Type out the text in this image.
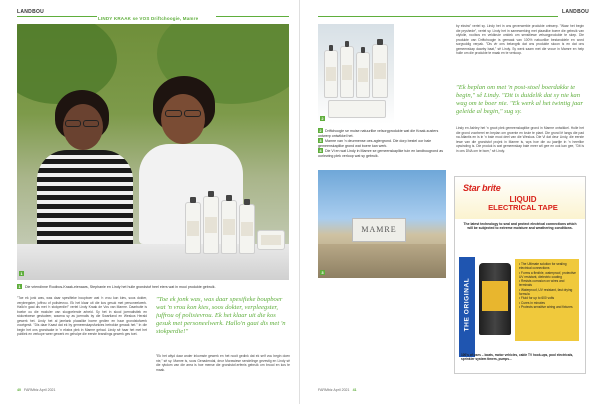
LANDBOU
LINDY KRAAK se VOS Driftchoogie, Mamre
1
1 Die vriendinne Rooibos-Kraak-eienaars, Stephanie en Lindy het hulle grondstof heel eiers wat in mooi produkte gebruik.
"Toe ek jonk was, was daar spesifieke boupboer wat 'n vrou kon kies, soos dokter, verpleegster, juffrou of polisievrou. Ek het klaar uit die kos gesuk met personeelwerk. Hallo'n gaai dis met 'n stokperdie!" vertel Lindy Kraak de Vos van Mamre. Daarbuite is boeke ou die moduler van skoppelende arbeid. Sy het in skool joernalistiek en stokvelwese gestudeer, waarna sy as joernalis by die Swartland en Weskus Herald gewerk het. Lindy het al jarelank plaaslike boere gedien en haar grondstofwerk voortgesit. "Dis daar Kaast dat ek by gemeenskapsfunkies betrokke geraak het." In die begin het ons grondsake in 'n ekstra plek in Mamre gehad. Lindy sê haar het met het publiek en verkope weer gewerk en geholpe die eerste brandings gewerk ges toet.
"Toe ek jonk was, was daar spesifieke boupboer wat 'n vrou kon kies, soos dokter, verpleegster, juffrou of polisievrou. Ek het klaar uit die kos gesuk met personeelwerk. Hallo'n gaai dis met 'n stokperdie!"
"Ek het altyd daar ander inkomste gewerk en het nooit gedink dat ek self vou begin doen nie," sê sy. Mamre is, soos Genadendal, deur Morawiese sendelinge gevestig en Lindy sê die rykdom van die area is hoe mense die grondstof-erfenis gebruik om brood en kos te maak.
40 FARMbiz April 2021
LANDBOU
2
2 Driftchoogie se muise natuurlike velsorgprodukte wat die Kraak-susters ontwerp ontwikkel het.
3 Mamre van 'n deurmense oes-agtergrond. Die dorp bestel oor baie gemeenskaplike grond wat boere kan werk.
4 Die Vi en wat Lindy in Mamre se gemeenskaplike tuin en landbougrond as oorlewing plek verloop wat sy gebruik.
MAMRE
3
by ekstra" vertel sy. Lindy het in ons geverwerkte produkte ontwerp. "Waar het begin die pryshede", vertel sy. Lindy het in samewerking met plaaslike boere die gebruik van olyfolie, rooibos en veldkruie ontdek om sensitiewe velsorgprodukte te skep. Die produkte van Driftchoogie is gemaak van 100% natuurlike bestanddele en word sorgvuldig verpak. "Dis vir ons belangrik dat ons produkte skoon is en dat ons gemeenskap daarby baat," sê Lindy. Sy werk saam met die vroue in Mamre en help hulle om die produkte te maak en te verkoop.
"Ek beplan om met 'n post-stoel boerdakke te begin," sê Lindy. "Dit is duidelik dat sy nie kan wag om te boer nie. "Ek werk al het twintig jaar geleide al begin," sug sy.
Lindy en Ashley het 'n groot plek gemeenskaplike grond in Mamre ontwikkel. Hulle het die grond voorberei en beplan om groente en kruie te plant. Die grond lê langs die pad na Atlantis en is in 'n baie mooi deel van die Weskus. Die Vi dat deur Lindy, die eerste lewe van die grondstof projek in Mamre is, wys hoe die ou jaartjie in 'n heerlike opwinding is. Die produk is wat gemeenskap baie meer wil gee en ook kan gee, "Dit is in ons DNA om te boer," sê Lindy.
Star brite
LIQUID
ELECTRICAL TAPE
The latest technology to seal and protect electrical connections which will be subjected to extreme moisture and weathering conditions.
THE ORIGINAL
• The Ultimate solution for sealing electrical connections
• Forms a flexible, waterproof, protective UV resistant, dielectric coating
• Resists corrosion on wires and terminals
• Waterproof, UV resistant, fast drying formula
• Fluid for up to 600 volts
• Cures in minutes
• Protects sensitive wiring and fixtures
100's of uses – boats, motor vehicles, cable TV hook-ups, pool electricals, sprinkler system timers, pumps...
FARMbiz April 2021 41
